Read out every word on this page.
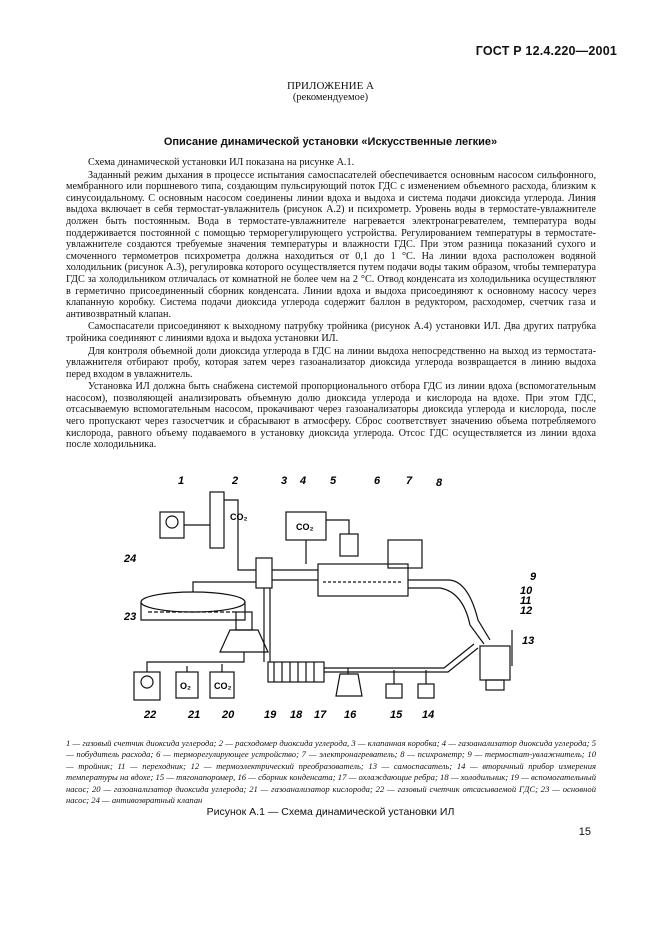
ГОСТ Р 12.4.220—2001
ПРИЛОЖЕНИЕ А
(рекомендуемое)
Описание динамической установки «Искусственные легкие»

Схема динамической установки ИЛ показана на рисунке А.1.

Заданный режим дыхания в процессе испытания самоспасателей обеспечивается основным насосом сильфонного, мембранного или поршневого типа, создающим пульсирующий поток ГДС с изменением объемного расхода, близким к синусоидальному. С основным насосом соединены линии вдоха и выдоха и система подачи диоксида углерода. Линия выдоха включает в себя термостат-увлажнитель (рисунок А.2) и психрометр. Уровень воды в термостате-увлажнителе должен быть постоянным. Вода в термостате-увлажнителе нагревается электронагревателем, температура воды поддерживается постоянной с помощью терморегулирующего устройства. Регулированием температуры в термостате-увлажнителе создаются требуемые значения температуры и влажности ГДС. При этом разница показаний сухого и смоченного термометров психрометра должна находиться от 0,1 до 1 °С. На линии вдоха расположен водяной холодильник (рисунок А.3), регулировка которого осуществляется путем подачи воды таким образом, чтобы температура ГДС за холодильником отличалась от комнатной не более чем на 2 °С. Отвод конденсата из холодильника осуществляют в герметично присоединенный сборник конденсата. Линии вдоха и выдоха присоединяют к основному насосу через клапанную коробку. Система подачи диоксида углерода содержит баллон в редуктором, расходомер, счетчик газа и антивозвратный клапан.

Самоспасатели присоединяют к выходному патрубку тройника (рисунок А.4) установки ИЛ. Два других патрубка тройника соединяют с линиями вдоха и выдоха установки ИЛ.

Для контроля объемной доли диоксида углерода в ГДС на линии выдоха непосредственно на выход из термостата-увлажнителя отбирают пробу, которая затем через газоанализатор диоксида углерода возвращается в линию выдоха перед входом в увлажнитель.

Установка ИЛ должна быть снабжена системой пропорционального отбора ГДС из линии вдоха (вспомогательным насосом), позволяющей анализировать объемную долю диоксида углерода и кислорода на вдохе. При этом ГДС, отсасываемую вспомогательным насосом, прокачивают через газоанализаторы диоксида углерода и кислорода, после чего пропускают через газосчетчик и сбрасывают в атмосферу. Сброс соответствует значению объема потребляемого кислорода, равного объему подаваемого в установку диоксида углерода. Отсос ГДС осуществляется из линии вдоха после холодильника.

CO₂
CO₂
O₂	CO₂
1	2	3 4 5	6 7 8
9
10
11
12
13
14
15
16
17
18
19
20
21
22
23
24
1 — газовый счетчик диоксида углерода; 2 — расходомер диоксида углерода, 3 — клапанная коробка; 4 — газоанализатор диоксида углерода; 5 — побудитель расхода; 6 — терморегулирующее устройство; 7 — электронагреватель; 8 — психрометр; 9 — термостат-увлажнитель; 10 — тройник; 11 — переходник; 12 — термоэлектрический преобразователь; 13 — самоспасатель; 14 — вторичный прибор измерения температуры на вдохе; 15 — тягонапоромер, 16 — сборник конденсата; 17 — охлаждающие ребра; 18 — холодильник; 19 — вспомогательный насос; 20 — газоанализатор диоксида углерода; 21 — газоанализатор кислорода; 22 — газовый счетчик отсасываемой ГДС; 23 — основной насос; 24 — антивозвратный клапан
Рисунок А.1 — Схема динамической установки ИЛ
15
